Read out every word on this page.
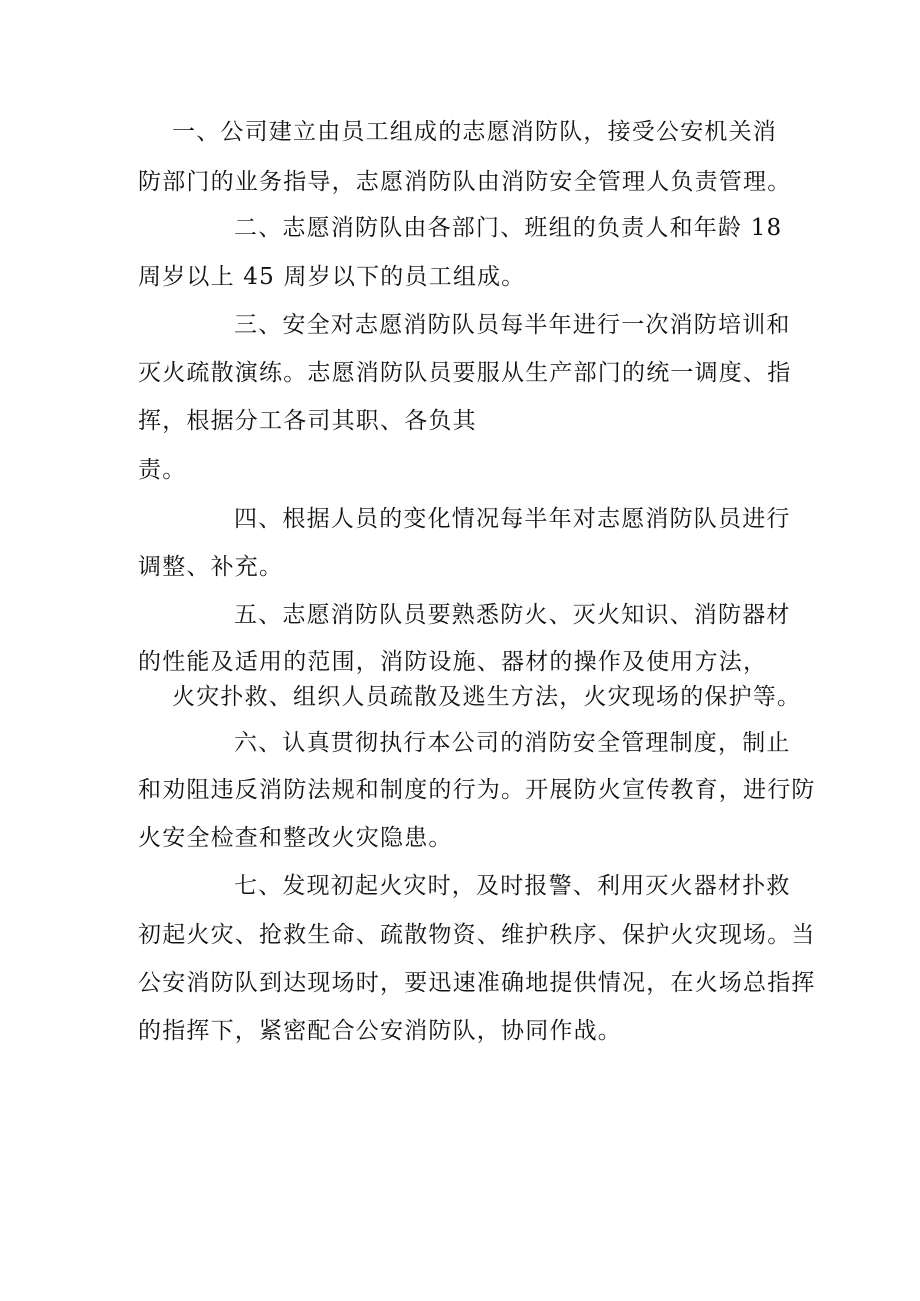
一、公司建立由员工组成的志愿消防队，接受公安机关消
防部门的业务指导，志愿消防队由消防安全管理人负责管理。
二、志愿消防队由各部门、班组的负责人和年龄 18
周岁以上 45 周岁以下的员工组成。
三、安全对志愿消防队员每半年进行一次消防培训和
灭火疏散演练。志愿消防队员要服从生产部门的统一调度、指
挥，根据分工各司其职、各负其
责。
四、根据人员的变化情况每半年对志愿消防队员进行
调整、补充。
五、志愿消防队员要熟悉防火、灭火知识、消防器材
的性能及适用的范围，消防设施、器材的操作及使用方法，
火灾扑救、组织人员疏散及逃生方法，火灾现场的保护等。
六、认真贯彻执行本公司的消防安全管理制度，制止
和劝阻违反消防法规和制度的行为。开展防火宣传教育，进行防
火安全检查和整改火灾隐患。
七、发现初起火灾时，及时报警、利用灭火器材扑救
初起火灾、抢救生命、疏散物资、维护秩序、保护火灾现场。当
公安消防队到达现场时，要迅速准确地提供情况，在火场总指挥
的指挥下，紧密配合公安消防队，协同作战。
